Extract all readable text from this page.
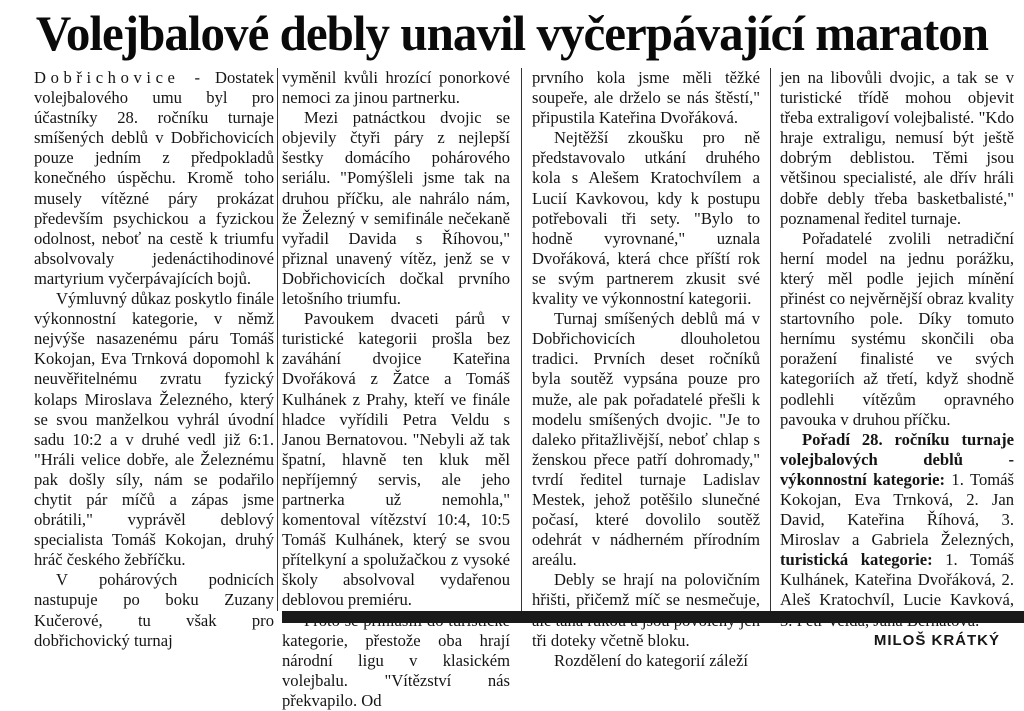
Volejbalové debly unavil vyčerpávající maraton

Dobřichovice - Dostatek volejbalového umu byl pro účastníky 28. ročníku turnaje smíšených deblů v Dobřichovicích pouze jedním z předpokladů konečného úspěchu. Kromě toho musely vítězné páry prokázat především psychickou a fyzickou odolnost, neboť na cestě k triumfu absolvovaly jedenáctihodinové martyrium vyčerpávajících bojů.

Výmluvný důkaz poskytlo finále výkonnostní kategorie, v němž nejvýše nasazenému páru Tomáš Kokojan, Eva Trnková dopomohl k neuvěřitelnému zvratu fyzický kolaps Miroslava Železného, který se svou manželkou vyhrál úvodní sadu 10:2 a v druhé vedl již 6:1. "Hráli velice dobře, ale Železnému pak došly síly, nám se podařilo chytit pár míčů a zápas jsme obrátili," vyprávěl deblový specialista Tomáš Kokojan, druhý hráč českého žebříčku.

V pohárových podnicích nastupuje po boku Zuzany Kučerové, tu však pro dobřichovický turnaj

vyměnil kvůli hrozící ponorkové nemoci za jinou partnerku.

Mezi patnáctkou dvojic se objevily čtyři páry z nejlepší šestky domácího pohárového seriálu. "Pomýšleli jsme tak na druhou příčku, ale nahrálo nám, že Železný v semifinále nečekaně vyřadil Davida s Říhovou," přiznal unavený vítěz, jenž se v Dobřichovicích dočkal prvního letošního triumfu.

Pavoukem dvaceti párů v turistické kategorii prošla bez zaváhání dvojice Kateřina Dvořáková z Žatce a Tomáš Kulhánek z Prahy, kteří ve finále hladce vyřídili Petra Veldu s Janou Bernatovou. "Nebyli až tak špatní, hlavně ten kluk měl nepříjemný servis, ale jeho partnerka už nemohla," komentoval vítězství 10:4, 10:5 Tomáš Kulhánek, který se svou přítelkyní a spolužačkou z vysoké školy absolvoval vydařenou deblovou premiéru.

kategorie, přestože oba hrají národní ligu v klasickém volejbalu. "Vítězství nás překvapilo. Od

prvního kola jsme měli těžké soupeře, ale drželo se nás štěstí," připustila Kateřina Dvořáková.

Nejtěžší zkoušku pro ně představovalo utkání druhého kola s Alešem Kratochvílem a Lucií Kavkovou, kdy k postupu potřebovali tři sety. "Bylo to hodně vyrovnané," uznala Dvořáková, která chce příští rok se svým partnerem zkusit své kvality ve výkonnostní kategorii.

Turnaj smíšených deblů má v Dobřichovicích dlouholetou tradici. Prvních deset ročníků byla soutěž vypsána pouze pro muže, ale pak pořadatelé přešli k modelu smíšených dvojic. "Je to daleko přitažlivější, neboť chlap s ženskou přece patří dohromady," tvrdí ředitel turnaje Ladislav Mestek, jehož potěšilo slunečné počasí, které dovolilo soutěž odehrát v nádherném přírodním areálu.

Debly se hrají na polovičním hřišti, přičemž míč se nesmečuje, tři doteky včetně bloku.

Rozdělení do kategorií záleží

jen na libovůli dvojic, a tak se v turistické třídě mohou objevit třeba extraligoví volejbalisté. "Kdo hraje extraligu, nemusí být ještě dobrým deblistou. Těmi jsou většinou specialisté, ale dřív hráli dobře debly třeba basketbalisté," poznamenal ředitel turnaje.

Pořadatelé zvolili netradiční herní model na jednu porážku, který měl podle jejich mínění přinést co nejvěrnější obraz kvality startovního pole. Díky tomuto hernímu systému skončili oba poražení finalisté ve svých kategoriích až třetí, když shodně podlehli vítězům opravného pavouka v druhou příčku.

Pořadí 28. ročníku turnaje volejbalových deblů - výkonnostní kategorie: 1. Tomáš Kokojan, Eva Trnková, 2. Jan David, Kateřina Říhová, 3. Miroslav a Gabriela Železných, turistická kategorie: 1. Tomáš Kulhánek, Kateřina Dvořáková, 2. Aleš Kratochvíl, Lucie Kavková,

MILOŠ KRÁTKÝ
